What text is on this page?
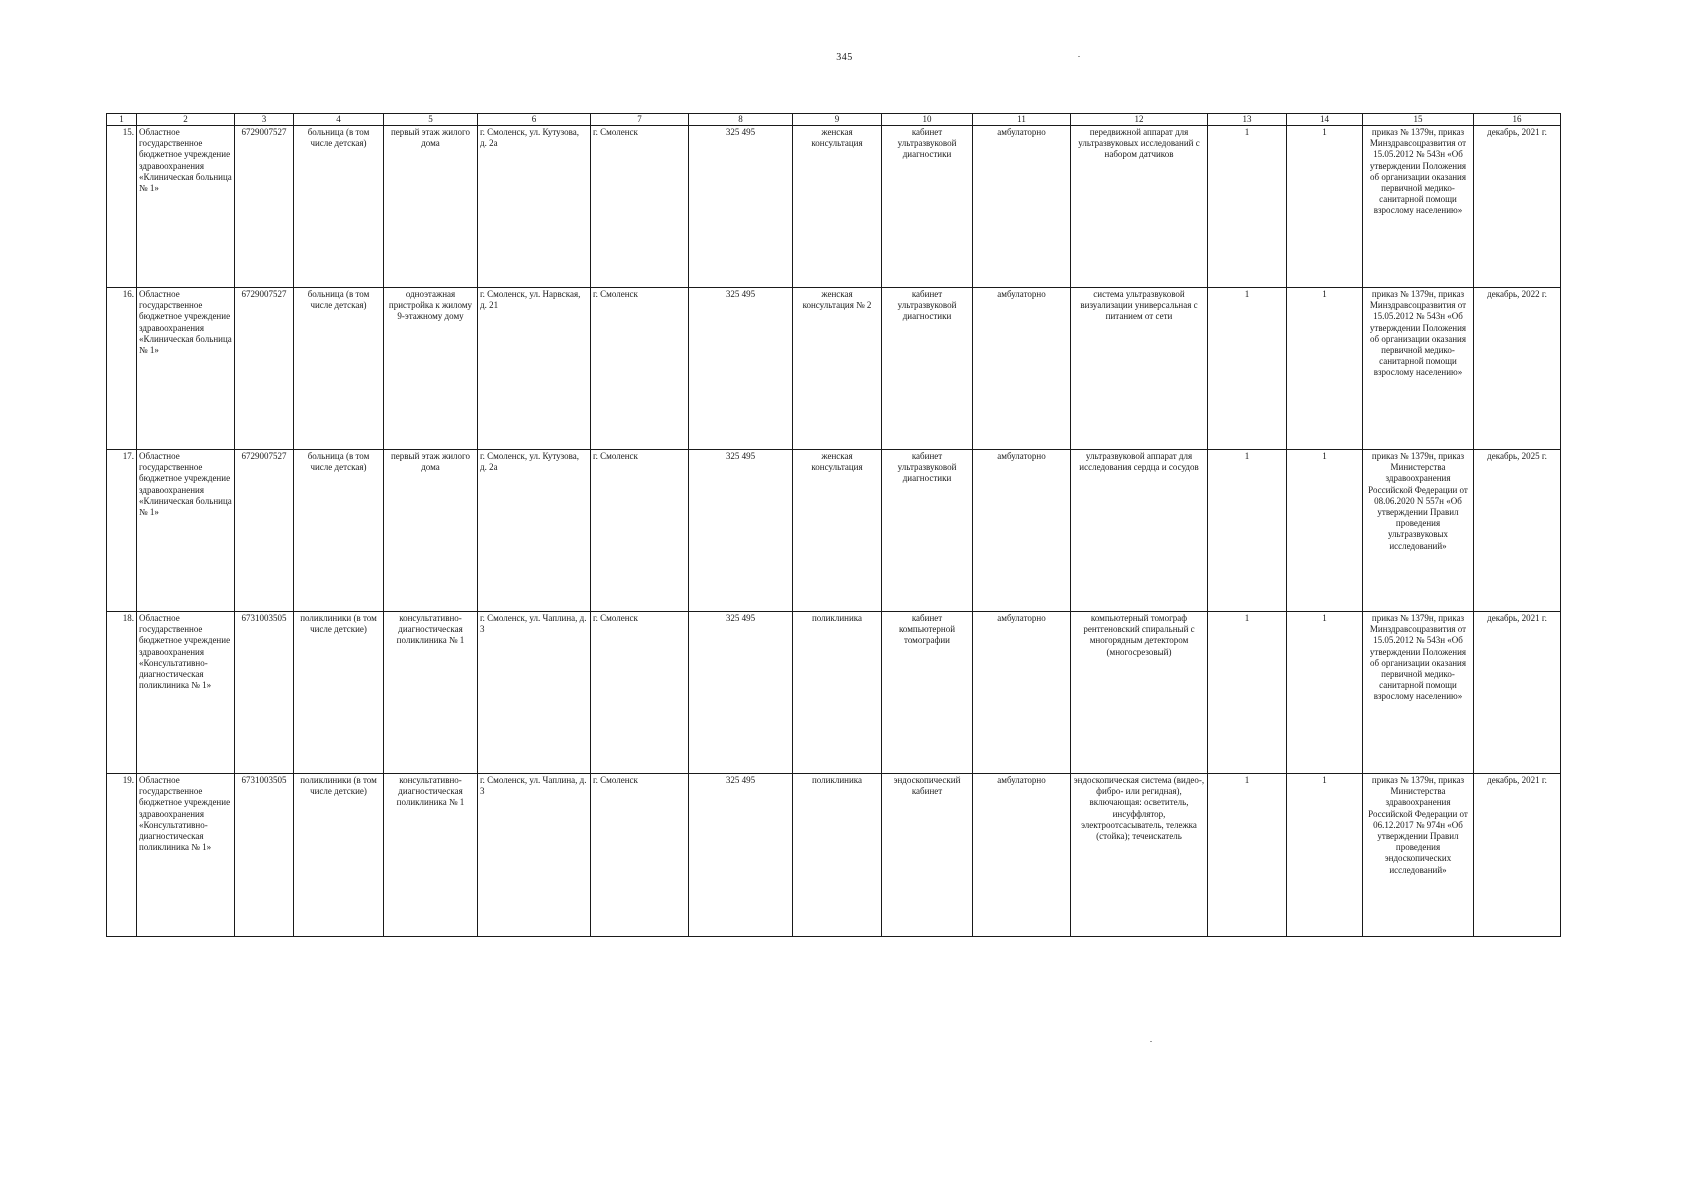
345
1	2	3	4	5	6	7	8	9	10	11	12	13	14	15	16
15.	Областное государственное бюджетное учреждение здравоохранения «Клиническая больница № 1»	6729007527	больница (в том числе детская)	первый этаж жилого дома	г. Смоленск, ул. Кутузова, д. 2а	г. Смоленск	325 495	женская консультация	кабинет ультразвуковой диагностики	амбулаторно	передвижной аппарат для ультразвуковых исследований с набором датчиков	1	1	приказ № 1379н, приказ Минздравсоцразвития от 15.05.2012 № 543н «Об утверждении Положения об организации оказания первичной медико-санитарной помощи взрослому населению»	декабрь, 2021 г.
16.	Областное государственное бюджетное учреждение здравоохранения «Клиническая больница № 1»	6729007527	больница (в том числе детская)	одноэтажная пристройка к жилому 9-этажному дому	г. Смоленск, ул. Нарвская, д. 21	г. Смоленск	325 495	женская консультация № 2	кабинет ультразвуковой диагностики	амбулаторно	система ультразвуковой визуализации универсальная с питанием от сети	1	1	приказ № 1379н, приказ Минздравсоцразвития от 15.05.2012 № 543н «Об утверждении Положения об организации оказания первичной медико-санитарной помощи взрослому населению»	декабрь, 2022 г.
17.	Областное государственное бюджетное учреждение здравоохранения «Клиническая больница № 1»	6729007527	больница (в том числе детская)	первый этаж жилого дома	г. Смоленск, ул. Кутузова, д. 2а	г. Смоленск	325 495	женская консультация	кабинет ультразвуковой диагностики	амбулаторно	ультразвуковой аппарат для исследования сердца и сосудов	1	1	приказ № 1379н, приказ Министерства здравоохранения Российской Федерации от 08.06.2020 N 557н «Об утверждении Правил проведения ультразвуковых исследований»	декабрь, 2025 г.
18.	Областное государственное бюджетное учреждение здравоохранения «Консультативно-диагностическая поликлиника № 1»	6731003505	поликлиники (в том числе детские)	консультативно-диагностическая поликлиника № 1	г. Смоленск, ул. Чаплина, д. 3	г. Смоленск	325 495	поликлиника	кабинет компьютерной томографии	амбулаторно	компьютерный томограф рентгеновский спиральный с многорядным детектором (многосрезовый)	1	1	приказ № 1379н, приказ Минздравсоцразвития от 15.05.2012 № 543н «Об утверждении Положения об организации оказания первичной медико-санитарной помощи взрослому населению»	декабрь, 2021 г.
19.	Областное государственное бюджетное учреждение здравоохранения «Консультативно-диагностическая поликлиника № 1»	6731003505	поликлиники (в том числе детские)	консультативно-диагностическая поликлиника № 1	г. Смоленск, ул. Чаплина, д. 3	г. Смоленск	325 495	поликлиника	эндоскопический кабинет	амбулаторно	эндоскопическая система (видео-, фибро- или регидная), включающая: осветитель, инсуффлятор, электроотсасыватель, тележка (стойка); течеискатель	1	1	приказ № 1379н, приказ Министерства здравоохранения Российской Федерации от 06.12.2017 № 974н «Об утверждении Правил проведения эндоскопических исследований»	декабрь, 2021 г.
